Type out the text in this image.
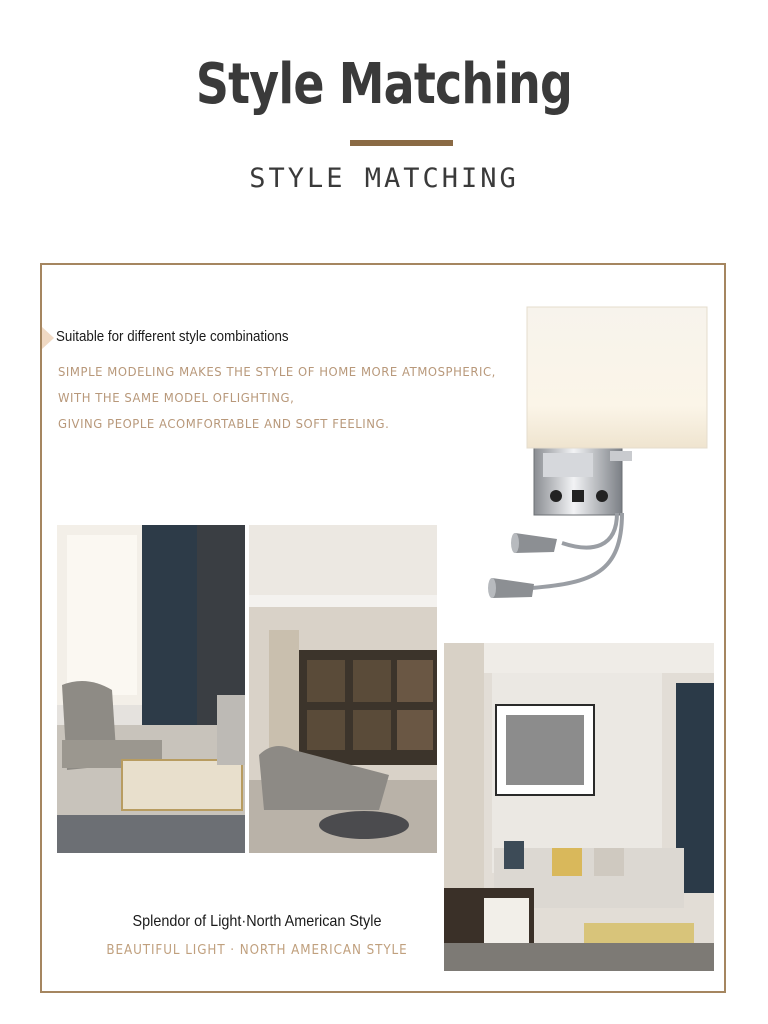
Style Matching
STYLE MATCHING
Suitable for different style combinations
SIMPLE MODELING MAKES THE STYLE OF HOME MORE ATMOSPHERIC,
WITH THE SAME MODEL OFLIGHTING,
GIVING PEOPLE ACOMFORTABLE AND SOFT FEELING.
Splendor of Light·North American Style
BEAUTIFUL LIGHT · NORTH AMERICAN STYLE
